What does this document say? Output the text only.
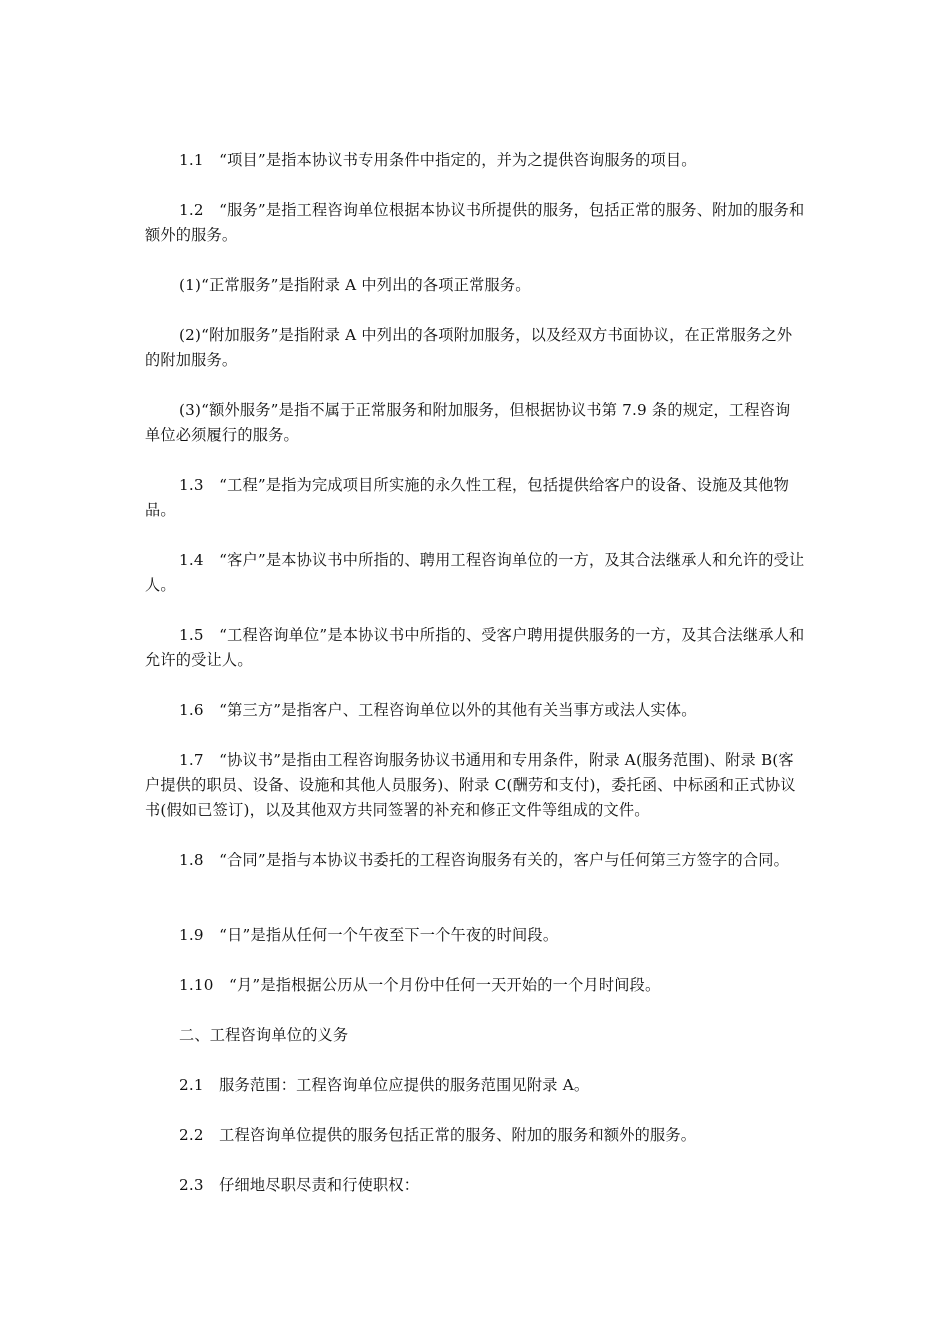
1.1　“项目”是指本协议书专用条件中指定的，并为之提供咨询服务的项目。

1.2　“服务”是指工程咨询单位根据本协议书所提供的服务，包括正常的服务、附加的服务和额外的服务。

(1)“正常服务”是指附录 A 中列出的各项正常服务。

(2)“附加服务”是指附录 A 中列出的各项附加服务，以及经双方书面协议，在正常服务之外的附加服务。

(3)“额外服务”是指不属于正常服务和附加服务，但根据协议书第 7.9 条的规定，工程咨询单位必须履行的服务。

1.3　“工程”是指为完成项目所实施的永久性工程，包括提供给客户的设备、设施及其他物品。

1.4　“客户”是本协议书中所指的、聘用工程咨询单位的一方，及其合法继承人和允许的受让人。

1.5　“工程咨询单位”是本协议书中所指的、受客户聘用提供服务的一方，及其合法继承人和允许的受让人。

1.6　“第三方”是指客户、工程咨询单位以外的其他有关当事方或法人实体。

1.7　“协议书”是指由工程咨询服务协议书通用和专用条件，附录 A(服务范围)、附录 B(客户提供的职员、设备、设施和其他人员服务)、附录 C(酬劳和支付)，委托函、中标函和正式协议书(假如已签订)，以及其他双方共同签署的补充和修正文件等组成的文件。

1.8　“合同”是指与本协议书委托的工程咨询服务有关的，客户与任何第三方签字的合同。

1.9　“日”是指从任何一个午夜至下一个午夜的时间段。

1.10　“月”是指根据公历从一个月份中任何一天开始的一个月时间段。

二、工程咨询单位的义务

2.1　服务范围：工程咨询单位应提供的服务范围见附录 A。

2.2　工程咨询单位提供的服务包括正常的服务、附加的服务和额外的服务。

2.3　仔细地尽职尽责和行使职权：
